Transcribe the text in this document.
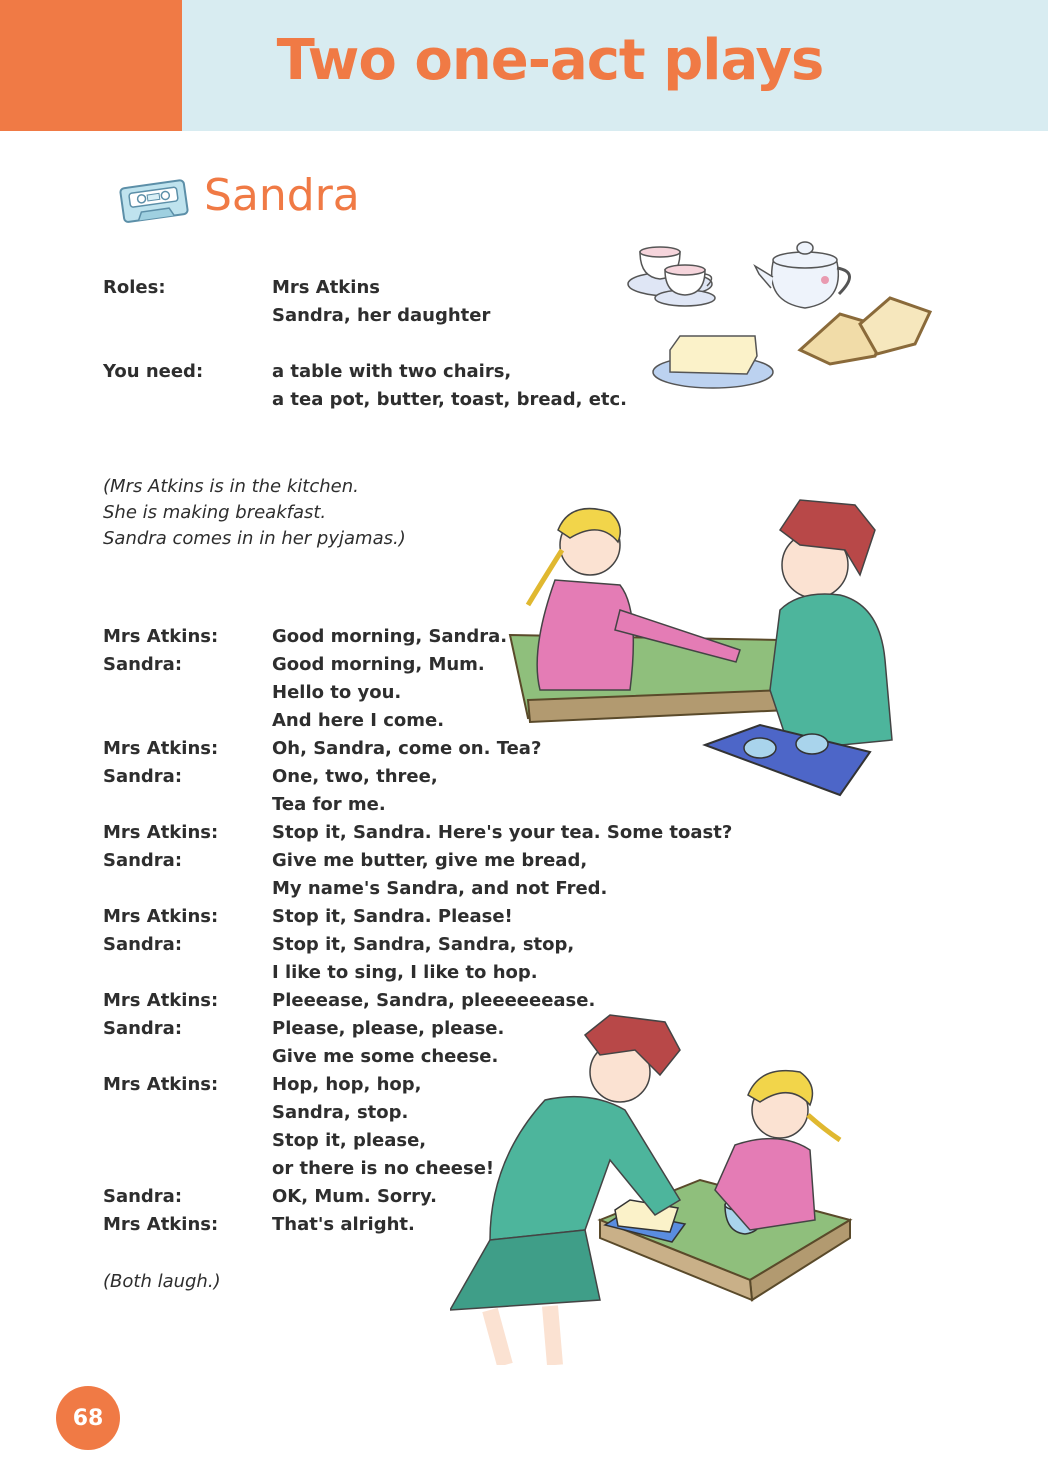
Two one-act plays
Sandra
Roles:	Mrs Atkins
Sandra, her daughter
You need:	a table with two chairs,
a tea pot, butter, toast, bread, etc.
(Mrs Atkins is in the kitchen.
She is making breakfast.
Sandra comes in in her pyjamas.)
Mrs Atkins:	Good morning, Sandra.
Sandra:	Good morning, Mum.
Hello to you.
And here I come.
Mrs Atkins:	Oh, Sandra, come on. Tea?
Sandra:	One, two, three,
Tea for me.
Mrs Atkins:	Stop it, Sandra. Here's your tea. Some toast?
Sandra:	Give me butter, give me bread,
My name's Sandra, and not Fred.
Mrs Atkins:	Stop it, Sandra. Please!
Sandra:	Stop it, Sandra, Sandra, stop,
I like to sing, I like to hop.
Mrs Atkins:	Pleeease, Sandra, pleeeeeease.
Sandra:	Please, please, please.
Give me some cheese.
Mrs Atkins:	Hop, hop, hop,
Sandra, stop.
Stop it, please,
or there is no cheese!
Sandra:	OK, Mum. Sorry.
Mrs Atkins:	That's alright.
(Both laugh.)
68
